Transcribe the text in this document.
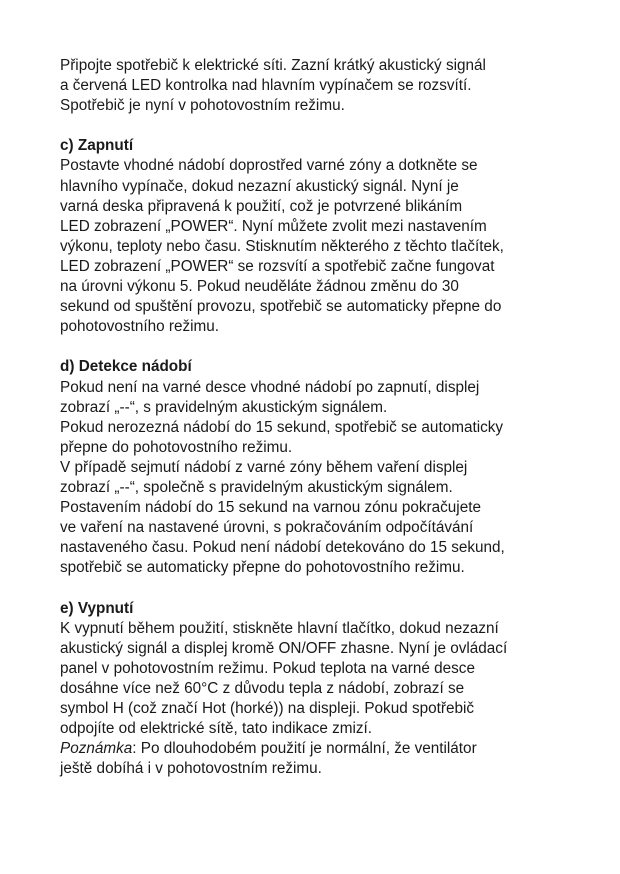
Připojte spotřebič k elektrické síti. Zazní krátký akustický signál
a červená LED kontrolka nad hlavním vypínačem se rozsvítí.
Spotřebič je nyní v pohotovostním režimu.
c) Zapnutí
Postavte vhodné nádobí doprostřed varné zóny a dotkněte se
hlavního vypínače, dokud nezazní akustický signál. Nyní je
varná deska připravená k použití, což je potvrzené blikáním
LED zobrazení „POWER“. Nyní můžete zvolit mezi nastavením
výkonu, teploty nebo času. Stisknutím některého z těchto tlačítek,
LED zobrazení „POWER“ se rozsvítí a spotřebič začne fungovat
na úrovni výkonu 5. Pokud neuděláte žádnou změnu do 30
sekund od spuštění provozu, spotřebič se automaticky přepne do
pohotovostního režimu.
d) Detekce nádobí
Pokud není na varné desce vhodné nádobí po zapnutí, displej
zobrazí „--“, s pravidelným akustickým signálem.
Pokud nerozezná nádobí do 15 sekund, spotřebič se automaticky
přepne do pohotovostního režimu.
V případě sejmutí nádobí z varné zóny během vaření displej
zobrazí „--“, společně s pravidelným akustickým signálem.
Postavením nádobí do 15 sekund na varnou zónu pokračujete
ve vaření na nastavené úrovni, s pokračováním odpočítávání
nastaveného času. Pokud není nádobí detekováno do 15 sekund,
spotřebič se automaticky přepne do pohotovostního režimu.
e) Vypnutí
K vypnutí během použití, stiskněte hlavní tlačítko, dokud nezazní
akustický signál a displej kromě ON/OFF zhasne. Nyní je ovládací
panel v pohotovostním režimu. Pokud teplota na varné desce
dosáhne více než 60°C z důvodu tepla z nádobí, zobrazí se
symbol H (což značí Hot (horké)) na displeji. Pokud spotřebič
odpojíte od elektrické sítě, tato indikace zmizí.
Poznámka: Po dlouhodobém použití je normální, že ventilátor
ještě dobíhá i v pohotovostním režimu.
